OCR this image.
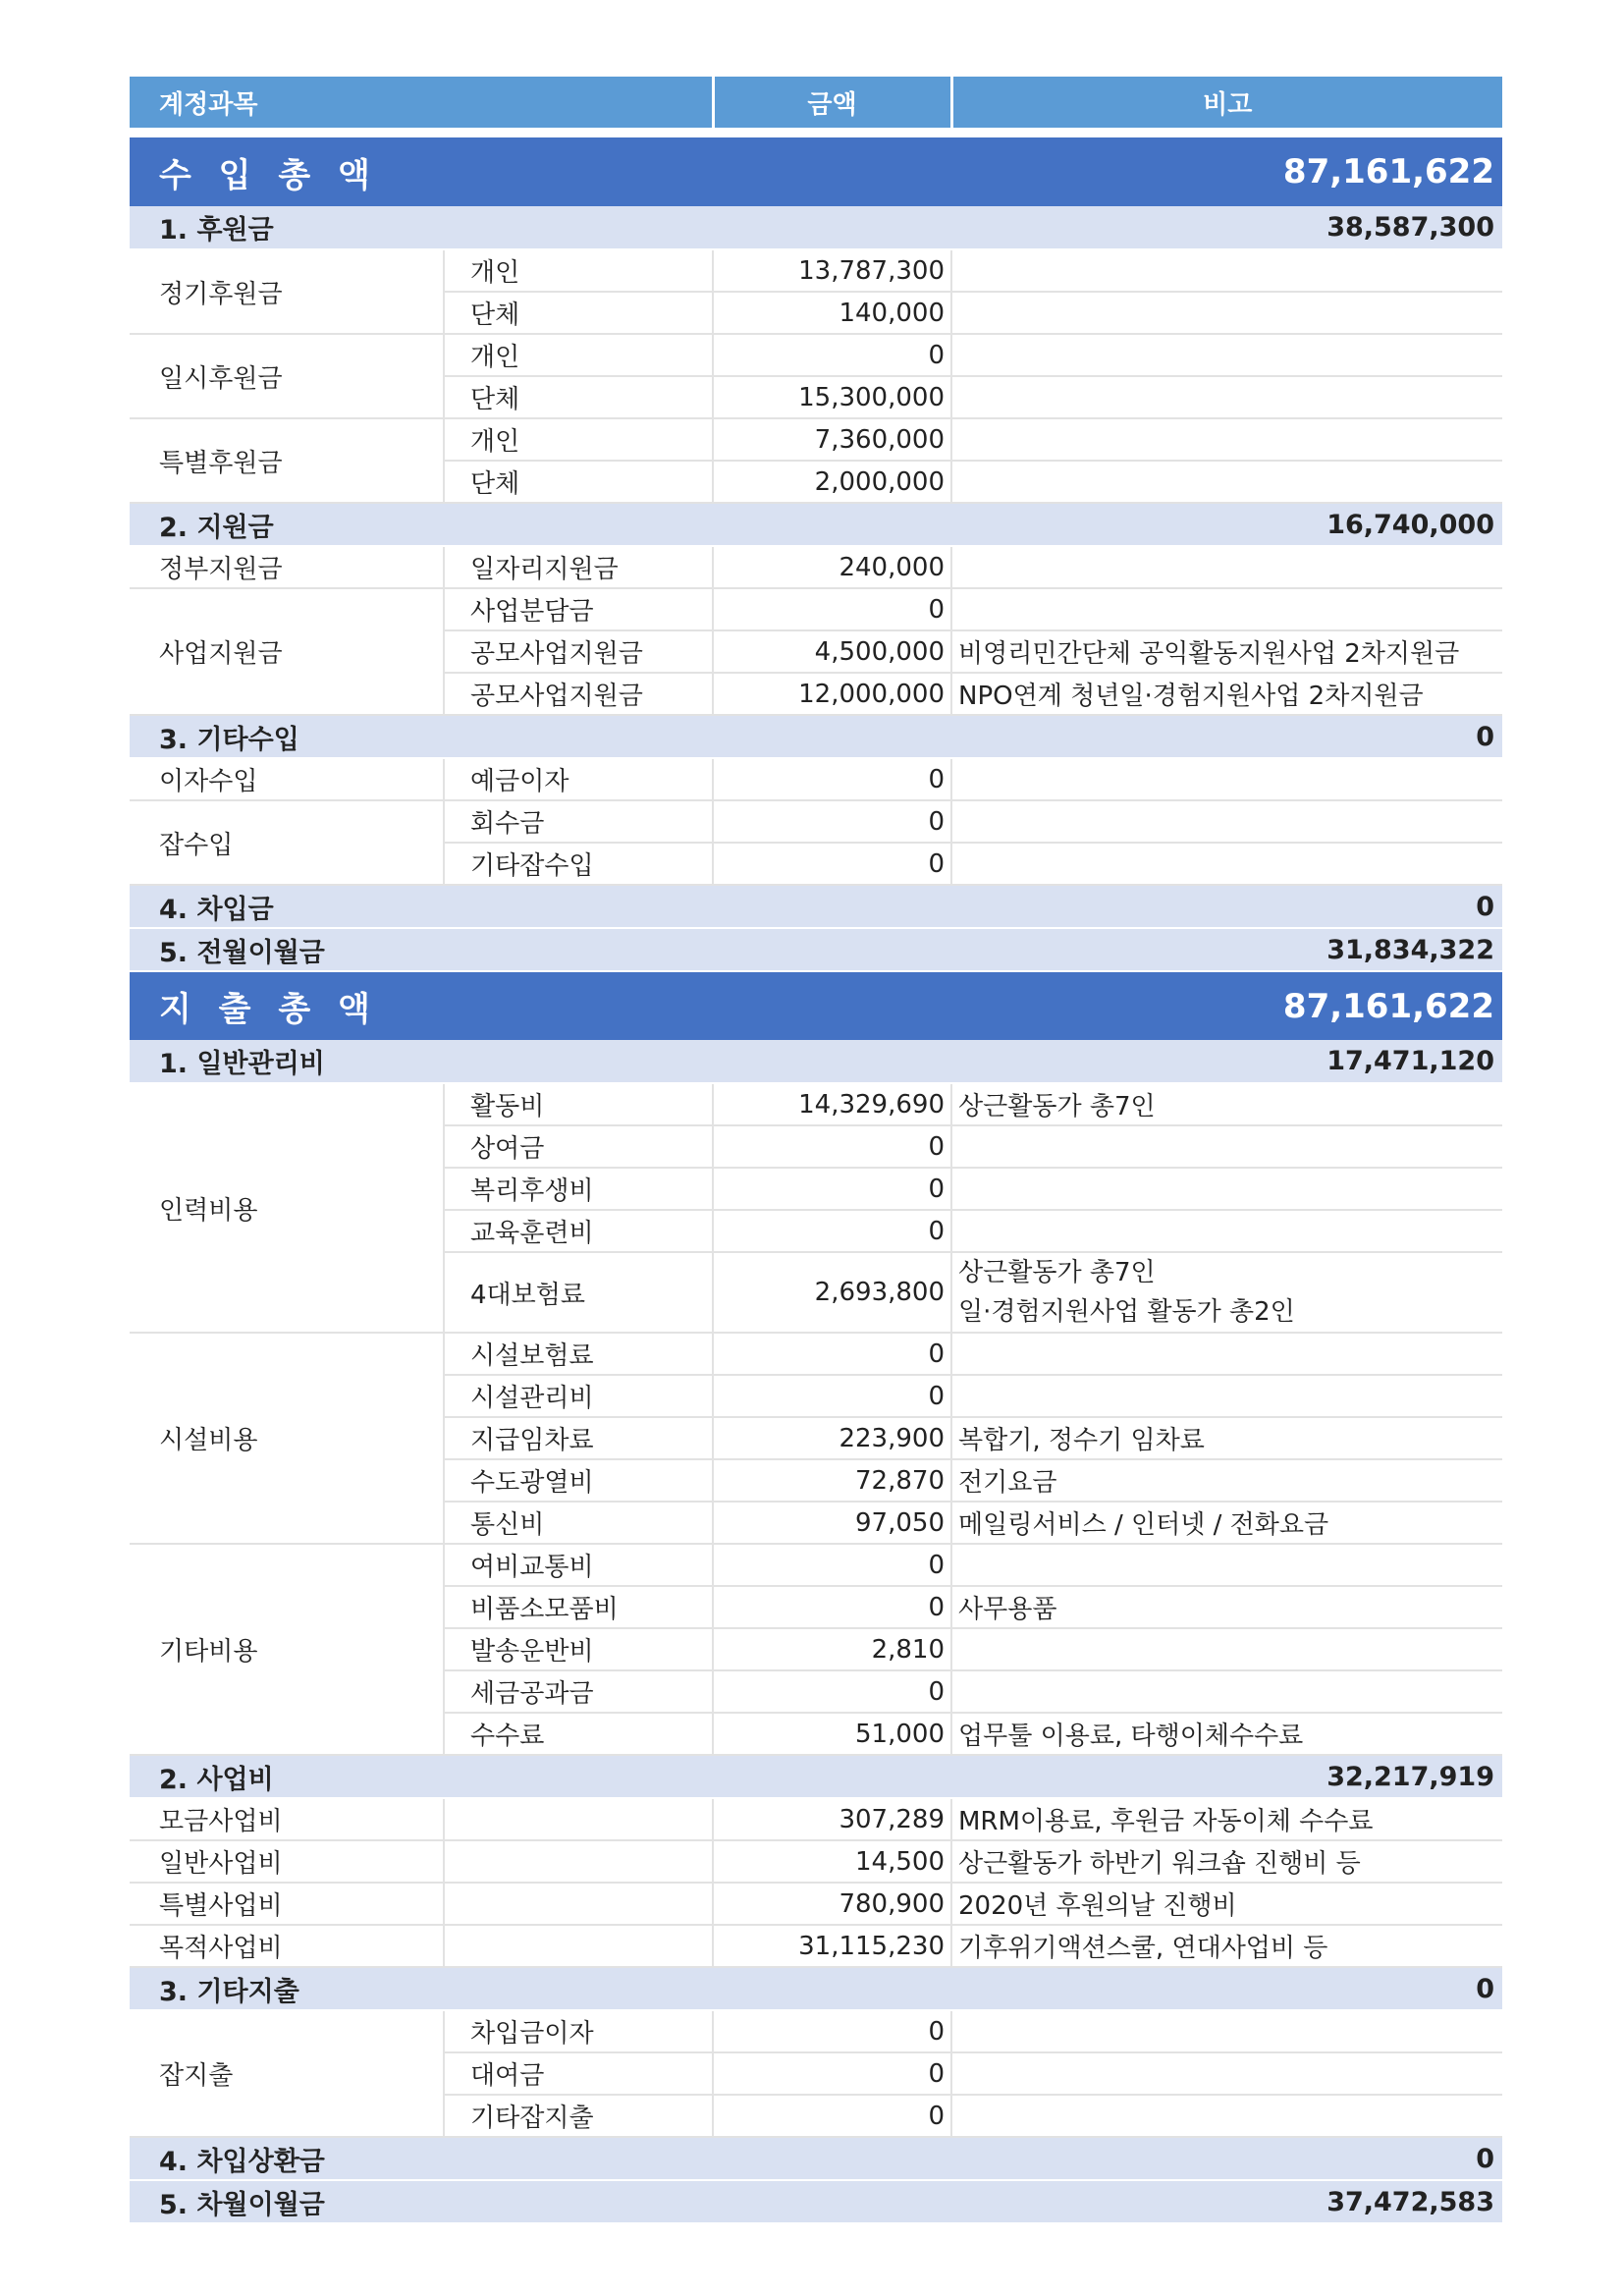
계정과목		금액	비고

수 입 총 액		87,161,622	
1. 후원금		38,587,300	
정기후원금	개인	13,787,300	
	단체	140,000	
일시후원금	개인	0	
	단체	15,300,000	
특별후원금	개인	7,360,000	
	단체	2,000,000	
2. 지원금		16,740,000	
정부지원금	일자리지원금	240,000	
사업지원금	사업분담금	0	
	공모사업지원금	4,500,000	비영리민간단체 공익활동지원사업 2차지원금
	공모사업지원금	12,000,000	NPO연계 청년일·경험지원사업 2차지원금
3. 기타수입		0	
이자수입	예금이자	0	
잡수입	회수금	0	
	기타잡수입	0	
4. 차입금		0	
5. 전월이월금		31,834,322	
지 출 총 액		87,161,622	
1. 일반관리비		17,471,120	
인력비용	활동비	14,329,690	상근활동가 총7인
	상여금	0	
	복리후생비	0	
	교육훈련비	0	
	4대보험료	2,693,800	상근활동가 총7인
일·경험지원사업 활동가 총2인

시설비용	시설보험료	0	
	시설관리비	0	
	지급임차료	223,900	복합기, 정수기 임차료
	수도광열비	72,870	전기요금
	통신비	97,050	메일링서비스 / 인터넷 / 전화요금
기타비용	여비교통비	0	
	비품소모품비	0	사무용품
	발송운반비	2,810	
	세금공과금	0	
	수수료	51,000	업무툴 이용료, 타행이체수수료
2. 사업비		32,217,919	
모금사업비		307,289	MRM이용료, 후원금 자동이체 수수료
일반사업비		14,500	상근활동가 하반기 워크숍 진행비 등
특별사업비		780,900	2020년 후원의날 진행비
목적사업비		31,115,230	기후위기액션스쿨, 연대사업비 등
3. 기타지출		0	
잡지출	차입금이자	0	
	대여금	0	
	기타잡지출	0	
4. 차입상환금		0	
5. 차월이월금		37,472,583	
